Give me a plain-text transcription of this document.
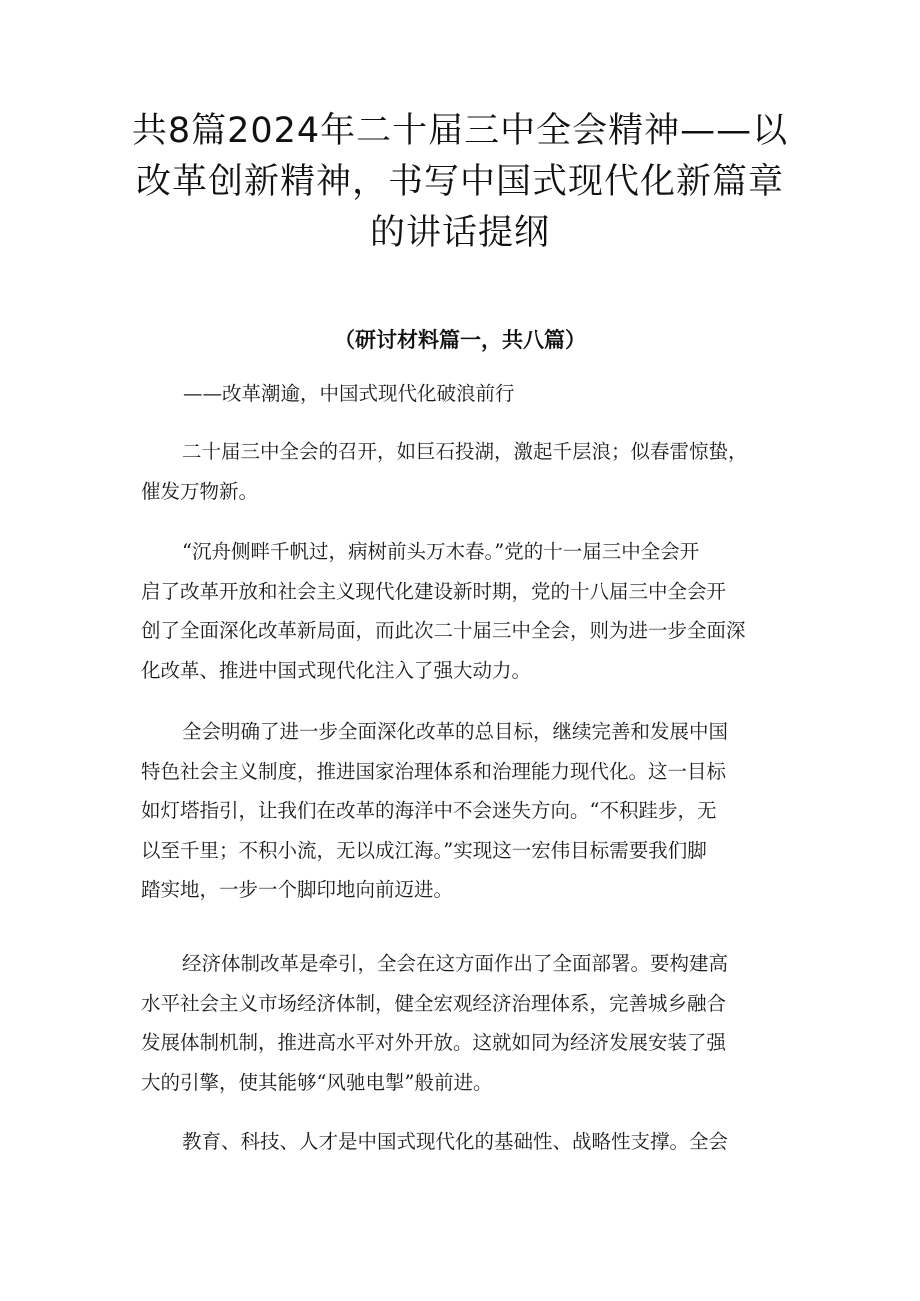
共8篇2024年二十届三中全会精神——以
改革创新精神，书写中国式现代化新篇章
的讲话提纲
（研讨材料篇一，共八篇）

——改革潮逾，中国式现代化破浪前行

二十届三中全会的召开，如巨石投湖，激起千层浪；似春雷惊蛰，
催发万物新。

“沉舟侧畔千帆过，病树前头万木春。”党的十一届三中全会开
启了改革开放和社会主义现代化建设新时期，党的十八届三中全会开
创了全面深化改革新局面，而此次二十届三中全会，则为进一步全面深
化改革、推进中国式现代化注入了强大动力。

全会明确了进一步全面深化改革的总目标，继续完善和发展中国
特色社会主义制度，推进国家治理体系和治理能力现代化。这一目标
如灯塔指引，让我们在改革的海洋中不会迷失方向。“不积跬步，无
以至千里；不积小流，无以成江海。”实现这一宏伟目标需要我们脚
踏实地，一步一个脚印地向前迈进。

经济体制改革是牵引，全会在这方面作出了全面部署。要构建高
水平社会主义市场经济体制，健全宏观经济治理体系，完善城乡融合
发展体制机制，推进高水平对外开放。这就如同为经济发展安装了强
大的引擎，使其能够“风驰电掣”般前进。

教育、科技、人才是中国式现代化的基础性、战略性支撑。全会
